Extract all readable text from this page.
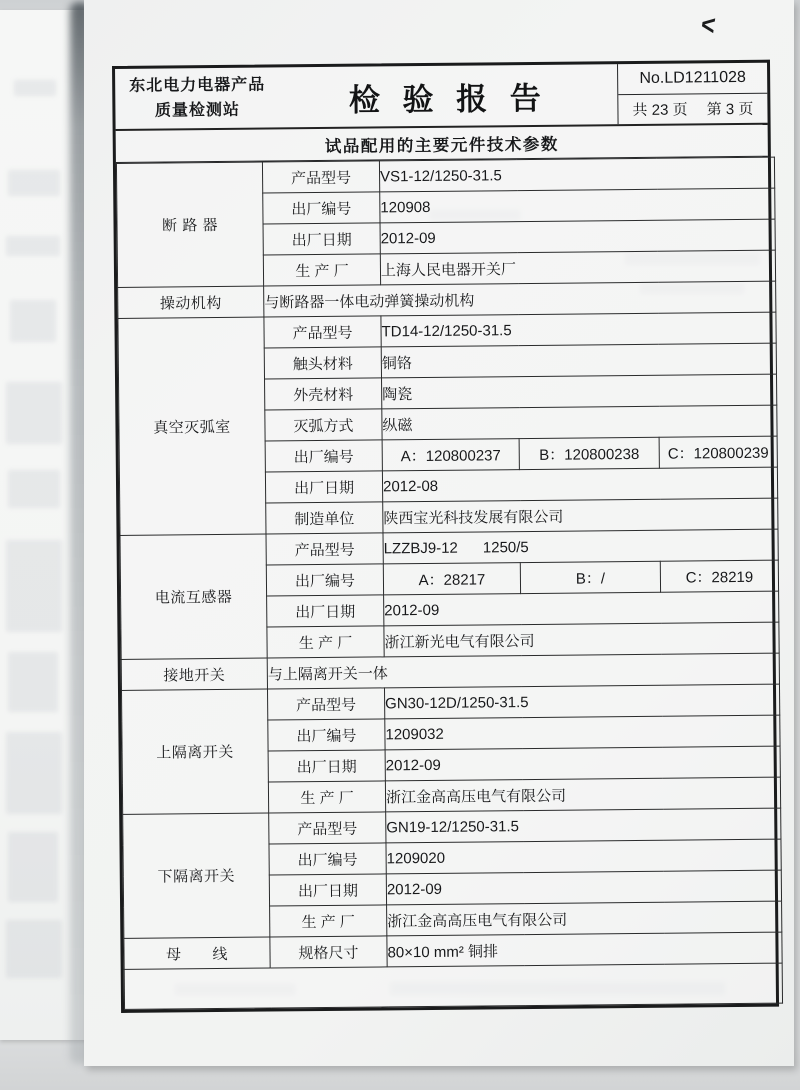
<
东北电力电器产品
质量检测站	检 验 报 告
No.LD1211028
共 23 页　 第 3 页
试品配用的主要元件技术参数
断 路 器	产品型号	VS1-12/1250-31.5		
	出厂编号	120908		
	出厂日期	2012-09		
	生 产 厂	上海人民电器开关厂		
操动机构	与断路器一体电动弹簧操动机构			
真空灭弧室	产品型号	TD14-12/1250-31.5		
	触头材料	铜铬		
	外壳材料	陶瓷		
	灭弧方式	纵磁		
	出厂编号	A：120800237	B：120800238	C：120800239
	出厂日期	2012-08		
	制造单位	陕西宝光科技发展有限公司		
电流互感器	产品型号	LZZBJ9-12      1250/5		
	出厂编号	A：28217	B：/	C：28219
	出厂日期	2012-09		
	生 产 厂	浙江新光电气有限公司		
接地开关	与上隔离开关一体			
上隔离开关	产品型号	GN30-12D/1250-31.5		
	出厂编号	1209032		
	出厂日期	2012-09		
	生 产 厂	浙江金高高压电气有限公司		
下隔离开关	产品型号	GN19-12/1250-31.5		
	出厂编号	1209020		
	出厂日期	2012-09		
	生 产 厂	浙江金高高压电气有限公司		
母　　线	规格尺寸	80×10 mm² 铜排		
